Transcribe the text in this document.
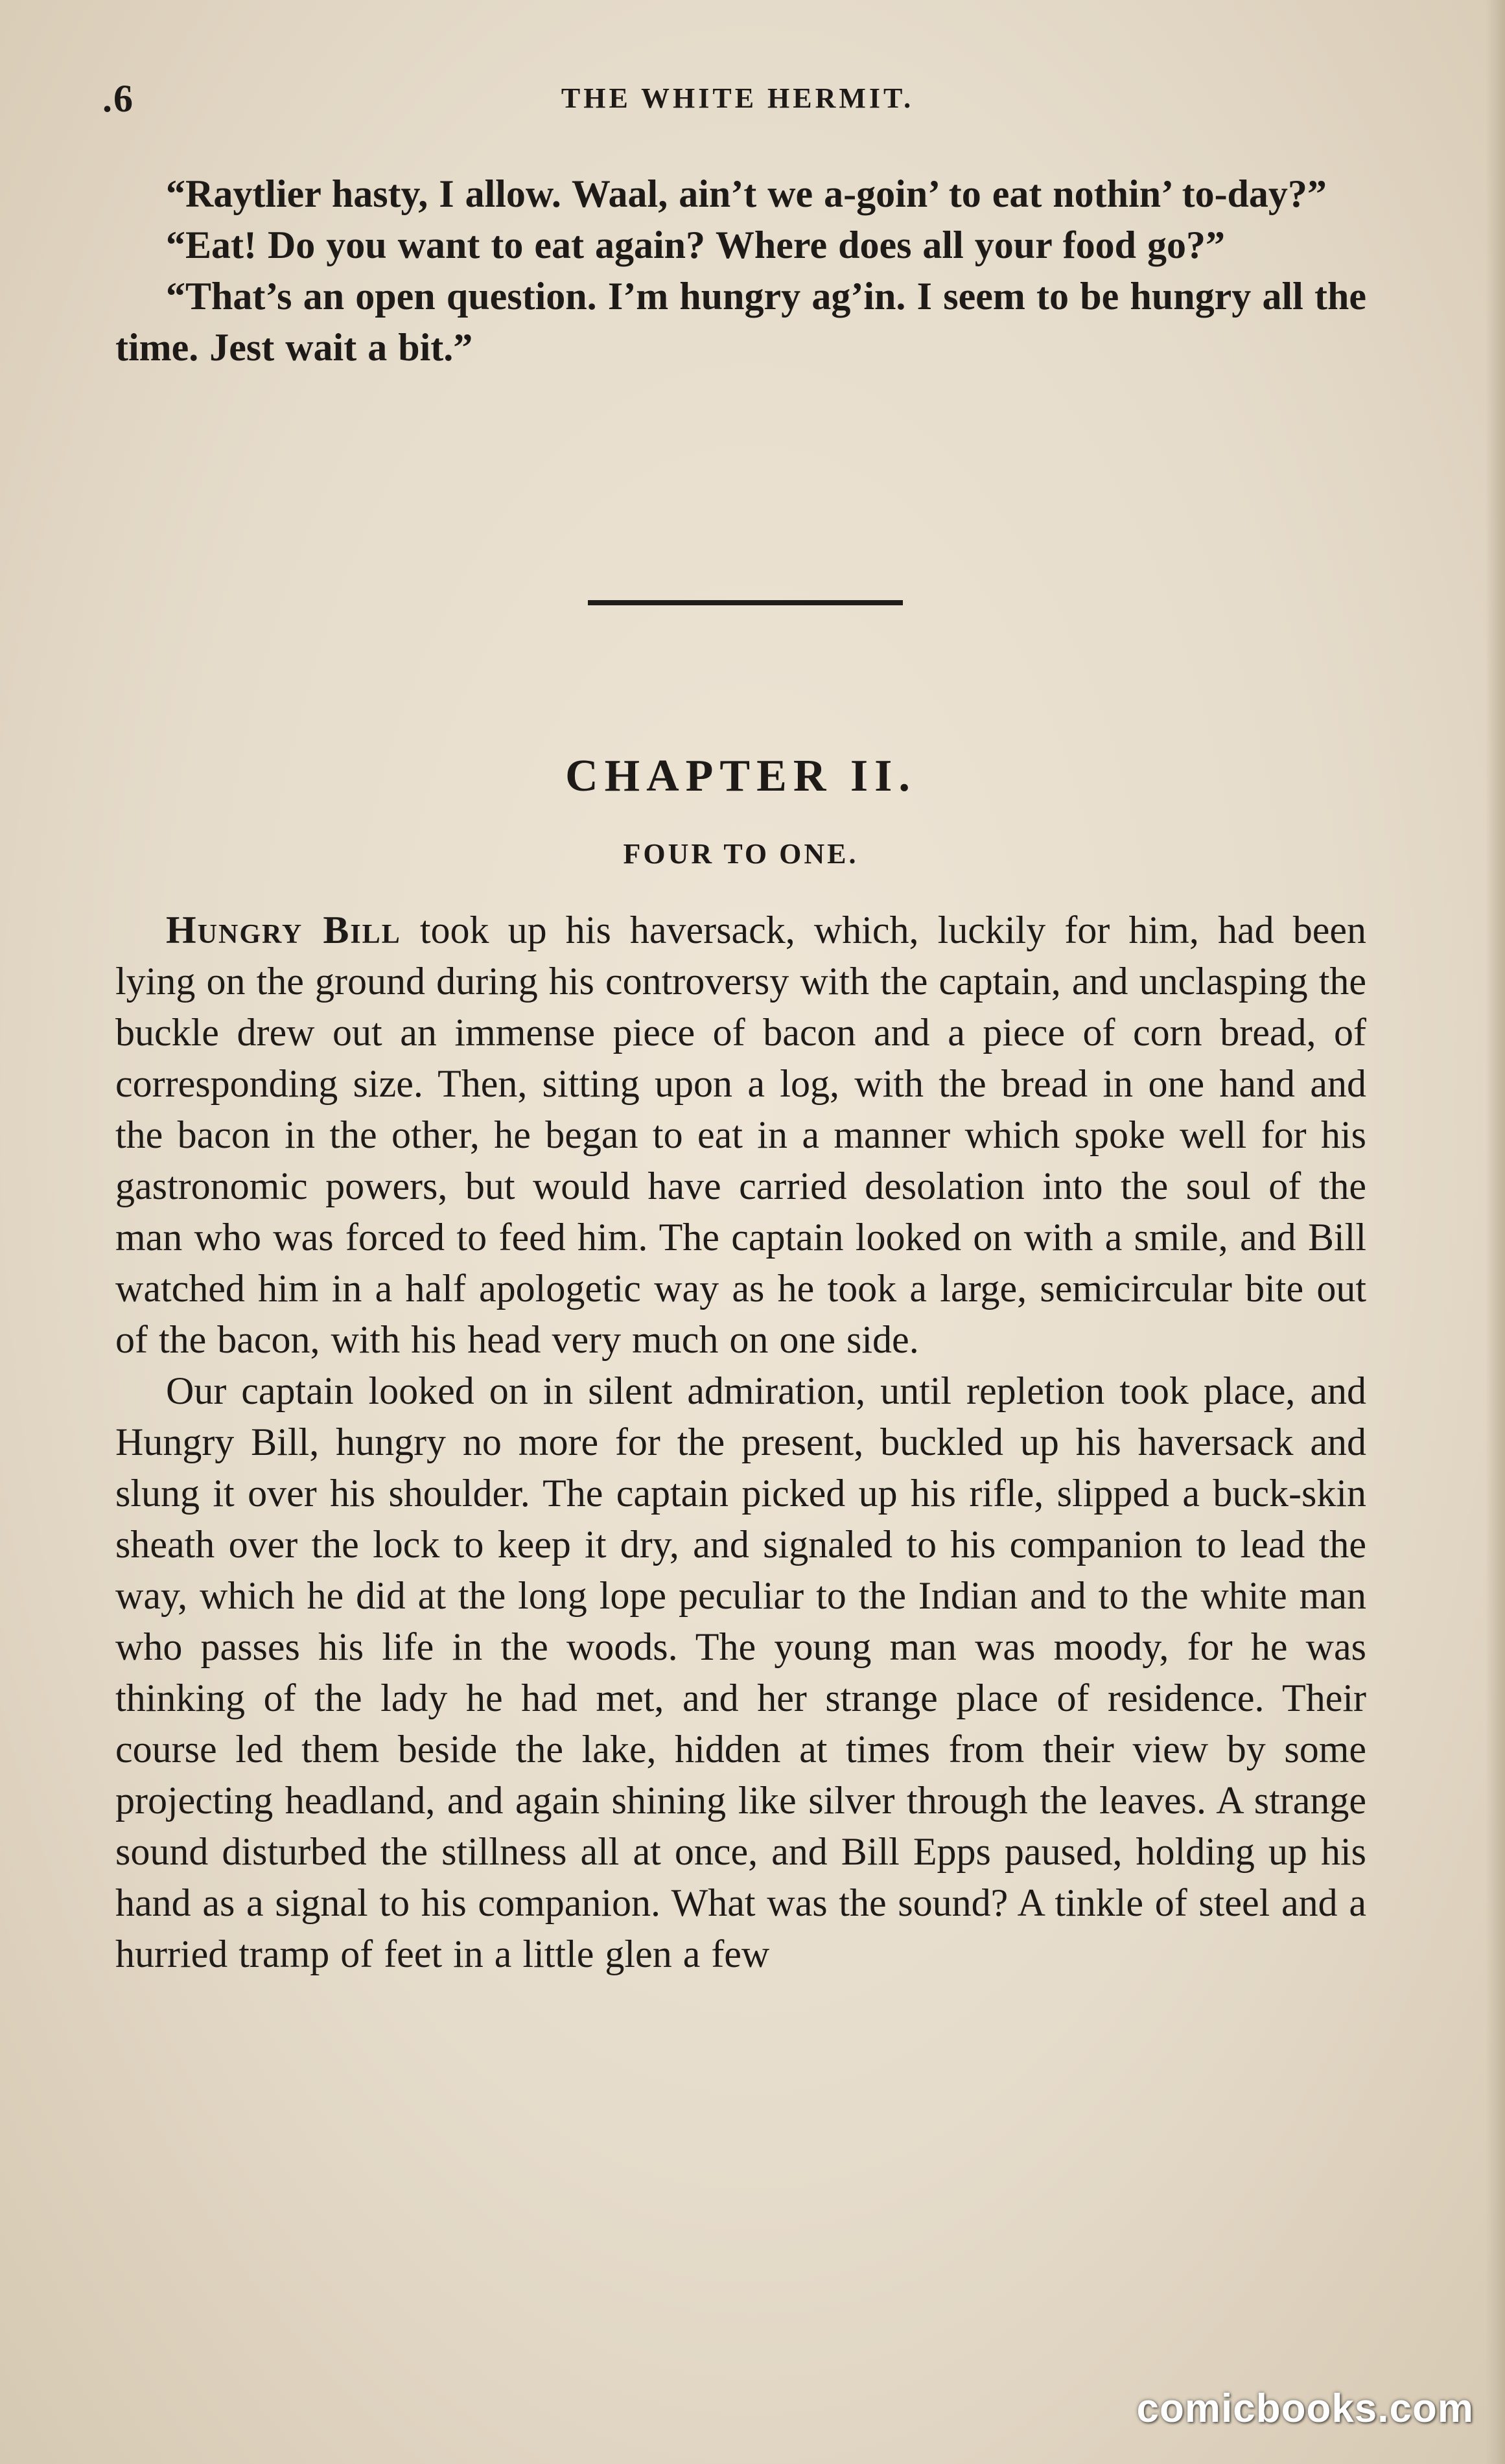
.6	THE WHITE HERMIT.

“Raytlier hasty, I allow. Waal, ain’t we a-goin’ to eat nothin’ to-day?”

“Eat! Do you want to eat again? Where does all your food go?”

“That’s an open question. I’m hungry ag’in. I seem to be hungry all the time. Jest wait a bit.”

CHAPTER II.
FOUR TO ONE.

Hungry Bill took up his haversack, which, luckily for him, had been lying on the ground during his controversy with the captain, and unclasping the buckle drew out an immense piece of bacon and a piece of corn bread, of corresponding size. Then, sitting upon a log, with the bread in one hand and the bacon in the other, he began to eat in a manner which spoke well for his gastronomic powers, but would have carried desolation into the soul of the man who was forced to feed him. The captain looked on with a smile, and Bill watched him in a half apologetic way as he took a large, semicircular bite out of the bacon, with his head very much on one side.

Our captain looked on in silent admiration, until repletion took place, and Hungry Bill, hungry no more for the present, buckled up his haversack and slung it over his shoulder. The captain picked up his rifle, slipped a buck-skin sheath over the lock to keep it dry, and signaled to his companion to lead the way, which he did at the long lope peculiar to the Indian and to the white man who passes his life in the woods. The young man was moody, for he was thinking of the lady he had met, and her strange place of residence. Their course led them beside the lake, hidden at times from their view by some projecting headland, and again shining like silver through the leaves. A strange sound disturbed the stillness all at once, and Bill Epps paused, holding up his hand as a signal to his companion. What was the sound? A tinkle of steel and a hurried tramp of feet in a little glen a few

comicbooks.com
